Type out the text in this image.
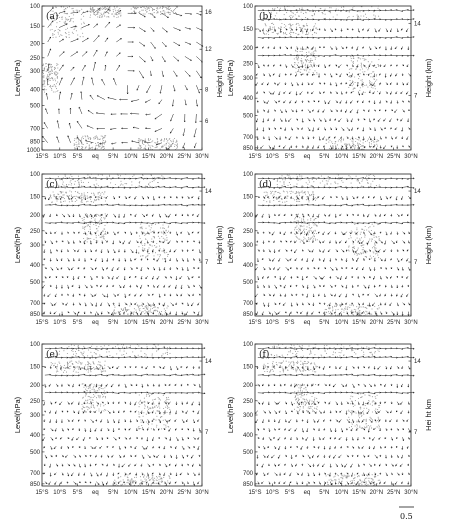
(a)
15°S 10°S 5°S eq 5°N 10°N 15°N 20°N 25°N 30°N
100
150
200
250
300
400
500
700
850
1000
16
12
8
6
Level(hPa)	Height (km)
(b)
15°S 10°S 5°S eq 5°N 10°N 15°N 20°N 25°N 30°N
100
150
200
250
300
400
500
700
850
14
7
Level(hPa)	Height (km)
(c)
15°S 10°S 5°S eq 5°N 10°N 15°N 20°N 25°N 30°N
100
150
200
250
300
400
500
700
850
14
7
Level(hPa)	Height (km)
(d)
15°S 10°S 5°S eq 5°N 10°N 15°N 20°N 25°N 30°N
100
150
200
250
300
400
500
700
850
14
7
Level(hPa)	Height (km)
(e)
15°S 10°S 5°S eq 5°N 10°N 15°N 20°N 25°N 30°N
100
150
200
250
300
400
500
700
850
14
7
Level(hPa)
(f)
15°S 10°S 5°S eq 5°N 10°N 15°N 20°N 25°N 30°N
100
150
200
250
300
400
500
700
850
14
7
Level(hPa)	Hei ht km
0.5
